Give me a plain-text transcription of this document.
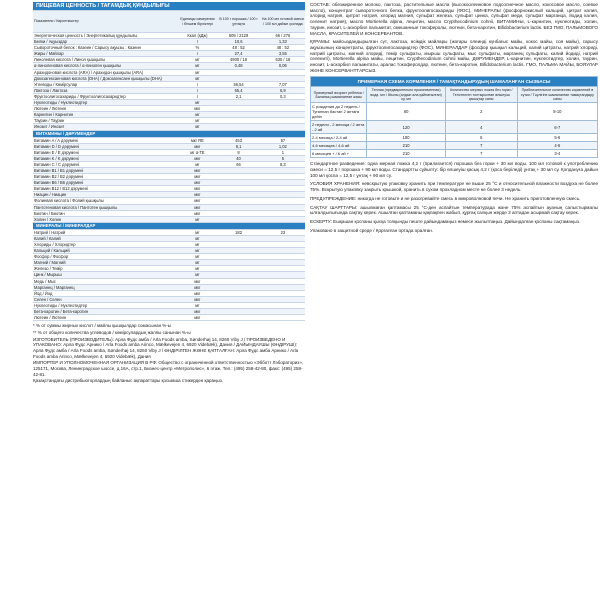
ПИЩЕВАЯ ЦЕННОСТЬ / ТАҒАМДЫҚ ҚҰНДЫЛЫҒЫ			
Показатели / Көрсеткіштер	Единицы измерения / Өлшем бірліктері	В 100 г порошка / 100 г ұнтақта	На 100 мл готовой смеси / 100 мл дайын қоспада
Энергетическая ценность / Энергетикалық құндылығы	Ккал (кДж)	509 / 2129	66 / 276
Белки / Ақуыздар	г	10,6	1,33
Сывороточный белок : Казеин / Сарысу ақуызы : Казеин	%	48 : 52	48 : 52
Жиры / Майлар	г	27,4	3,55
Линолевая кислота / Линол қышқылы	мг	4900 / 18	630 / 18
α-линоленовая кислота / α-линолен қышқылы	мг	0,48	0,06
Арахидоновая кислота (ARA) / Арахидон қышқылы (ARA)	мг		
Докозагексаеновая кислота (DHA) / Докозагексаен қышқылы (DHA)	мг		
Углеводы / Көмірсулар	г	56,54	7,07
Лактоза / Лактоза	г	55,4	6,9
Фруктоолигосахариды / Фруктоолигосахаридтер	г	2,1	0,3
Нуклеотиды / Нуклеотидтер	мг		
Лютеин / Лютеин	мкг		
Карнитин / Карнитин	мг		
Таурин / Таурин	мг		
Инозит / Инозит	мг		
ВИТАМИНЫ / ДӘРУМЕНДЕР			
Витамин A / A дәрумені	мкг RE	453	57
Витамин D / D дәрумені	мкг	8,1	1,02
Витамин E / E дәрумені	мг α-TE	8	1
Витамин K / K дәрумені	мкг	40	5
Витамин C / C дәрумені	мг	66	8,3
Витамин B1 / B1 дәрумені	мкг		
Витамин B2 / B2 дәрумені	мкг		
Витамин B6 / B6 дәрумені	мкг		
Витамин B12 / B12 дәрумені	мкг		
Ниацин / Ниацин	мкг		
Фолиевая кислота / Фолий қышқылы	мкг		
Пантотеновая кислота / Пантотен қышқылы	мкг		
Биотин / Биотин	мкг		
Холин / Холин	мг		
МИНЕРАЛЫ / МИНЕРАЛДАР			
Натрий / Натрий	мг	182	23
Калий / Калий	мг		
Хлориды / Хлоридтер	мг		
Кальций / Кальций	мг		
Фосфор / Фосфор	мг		
Магний / Магний	мг		
Железо / Темір	мг		
Цинк / Мырыш	мг		
Медь / Мыс	мкг		
Марганец / Марганец	мкг		
Йод / Йод	мкг		
Селен / Селен	мкг		
Нуклеотиды / Нуклеотидтер	мг		
Бета-каротин / Бета-каротин	мкг		
Лютеин / Лютеин	мкг		

* % от суммы жирных кислот / майлы қышқылдар сомасынан %-ы

** % от общего количества углеводов / көмірсулардың жалпы санынан %-ы

ИЗГОТОВИТЕЛЬ (ПРОИЗВОДИТЕЛЬ): Арла Фудс амба / Arla Foods amba, Sønderhøj 14, 8260 Viby J / ПРОИЗВЕДЕНО И УПАКОВАНО: Арла Фудс Арнико / Arla Foods amba Arinco, Mælkevejen 4, 6920 Videbæk), Дания / ДАЙЫНДАУШЫ (ӨНДІРУШІ): Арла Фудс амба / Arla Foods amba, Sønderhøj 14, 8260 Viby J / ӨНДІРІЛГЕН ЖӘНЕ ҚАПТАЛҒАН: Арла Фудс амба Арнико / Arla Foods amba Arinco, Mælkevejen 4, 6920 Videbæk), Дания

ИМПОРТЕР И УПОЛНОМОЧЕННАЯ ОРГАНИЗАЦИЯ В РФ: Общество с ограниченной ответственностью «Эбботт Лэбораториз», 125171, Москва, Ленинградское шоссе, д.16А, стр.1, Бизнес-центр «Метрополис», 6 этаж. Тел.: (495) 258-42-80, факс: (495) 258-42-81.

Қазақстандағы дистрибьюторлардың байланыс ақпараттары қосымша стикерден қараңыз.

СОСТАВ: обезжиренное молоко, лактоза, растительные масла (высокоолеиновое подсолнечное масло, кокосовое масло, соевое масло), концентрат сывороточного белка, фруктоолигосахариды (ФОС), МИНЕРАЛЫ (фосфорнокислый кальций, цитрат калия, хлорид натрия, цитрат натрия, хлорид магния, сульфат железа, сульфат цинка, сульфат меди, сульфат марганца, йодид калия, селенит натрия), масло Mortierella alpina, лецитин, масло Crypthecodinium cohnii, ВИТАМИНЫ, L-карнитин, нуклеотиды, холин, таурин, инозит, L-аскорбил пальмитат, смешанные токоферолы, лютеин, бета-каротин, Bifidobacterium lactis. БЕЗ ГМО, ПАЛЬМОВОГО МАСЛА, КРАСИТЕЛЕЙ И КОНСЕРВАНТОВ.

ҚҰРАМЫ: майсыздандырылған сүт, лактоза, өсімдік майлары (жоғары олеинді күнбағыс майы, кокос майы, соя майы), сарысу ақуызының концентраты, фруктоолигосахаридтер (ФОС), МИНЕРАЛДАР (фосфор қышқыл кальций, калий цитраты, натрий хлориді, натрий цитраты, магний хлориді, темір сульфаты, мырыш сульфаты, мыс сульфаты, марганец сульфаты, калий йодиді, натрий селениті), Mortierella alpina майы, лецитин, Crypthecodinium cohnii майы, ДӘРУМЕНДЕР, L-карнитин, нуклеотидтер, холин, таурин, инозит, L-аскорбил пальмитаты, аралас токоферолдар, лютеин, бета-каротин, Bifidobacterium lactis. ГМО, ПАЛЬМА МАЙЫ, БОЯУЛАР ЖӘНЕ КОНСЕРВАНТТАРСЫЗ.

ПРИМЕРНАЯ СХЕМА КОРМЛЕНИЯ / ТАМАҚТАНДЫРУДЫҢ ШАМАЛАНҒАН СЫЗБАСЫ			
Примерный возраст ребенка / Баланың шамаланған жасы	Теплая (предварительно прокипяченная) вода, мл / Жылы (алдын ала қайнатылған) су, мл	Количество мерных ложек без горки / Тегістелген толтырылған өлшеуіш қасықтар саны	Приблизительное количество кормлений в сутки / Тәулігіне шамаланған тамақтандыру саны
С рождения до 2 недель / Туғаннан бастап 2 аптаға дейін	60	2	8-10
2 недели - 2 месяца / 2 апта - 2 ай	120	4	6-7
2-4 месяца / 2-4 ай	180	6	5-6
4-6 месяцев / 4-6 ай	210	7	4-5
6 месяцев + / 6 ай +	210	7	3-4

Стандартное разведение: одна мерная ложка 4,2 г (прилагается) порошка без горки + 30 мл воды. 100 мл готовой к употреблению смеси = 12,5 г порошка + 90 мл воды. Стандартты сұйылту: бір өлшеуіш қасық 4,2 г (қоса беріледі) ұнтақ + 30 мл су. Қолдануға дайын 100 мл қоспа = 12,5 г ұнтақ + 90 мл су.

УСЛОВИЯ ХРАНЕНИЯ: невскрытую упаковку хранить при температуре не выше 25 °С и относительной влажности воздуха не более 75%. Вскрытую упаковку закрыть крышкой, хранить в сухом прохладном месте не более 3 недель.

ПРЕДУПРЕЖДЕНИЕ: никогда не готовьте и не разогревайте смесь в микроволновой печи. Не хранить приготовленную смесь.

САҚТАУ ШАРТТАРЫ: ашылмаған қаптамасы 25 °С-ден аспайтын температурада және 75% аспайтын ауаның салыстырмалы ылғалдылығында сақтау керек. Ашылған қаптаманы қақпақпен жабып, құрғақ салқын жерде 3 аптадан асырмай сақтау керек.

ЕСКЕРТУ: Ешқашан қоспаны қысқа толқынды пеште дайындамаңыз немесе жылытпаңыз. Дайындалған қоспаны сақтамаңыз.

Упаковано в защитной среде / Қорғалған ортада оралған.
